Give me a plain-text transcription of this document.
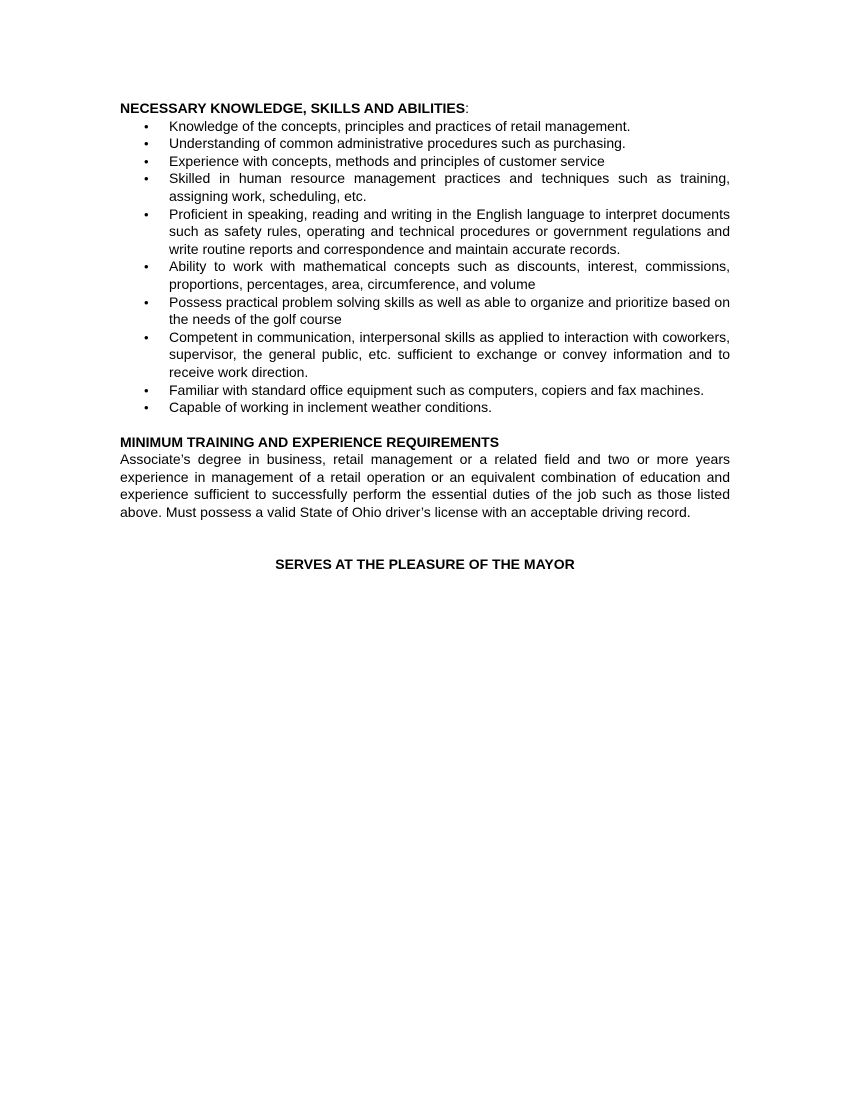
NECESSARY KNOWLEDGE, SKILLS AND ABILITIES:

• Knowledge of the concepts, principles and practices of retail management.
• Understanding of common administrative procedures such as purchasing.
• Experience with concepts, methods and principles of customer service
• Skilled in human resource management practices and techniques such as training, assigning work, scheduling, etc.
• Proficient in speaking, reading and writing in the English language to interpret documents such as safety rules, operating and technical procedures or government regulations and write routine reports and correspondence and maintain accurate records.
• Ability to work with mathematical concepts such as discounts, interest, commissions, proportions, percentages, area, circumference, and volume
• Possess practical problem solving skills as well as able to organize and prioritize based on the needs of the golf course
• Competent in communication, interpersonal skills as applied to interaction with coworkers, supervisor, the general public, etc. sufficient to exchange or convey information and to receive work direction.
• Familiar with standard office equipment such as computers, copiers and fax machines.
• Capable of working in inclement weather conditions.

MINIMUM TRAINING AND EXPERIENCE REQUIREMENTS

Associate’s degree in business, retail management or a related field and two or more years experience in management of a retail operation or an equivalent combination of education and experience sufficient to successfully perform the essential duties of the job such as those listed above. Must possess a valid State of Ohio driver’s license with an acceptable driving record.

SERVES AT THE PLEASURE OF THE MAYOR
